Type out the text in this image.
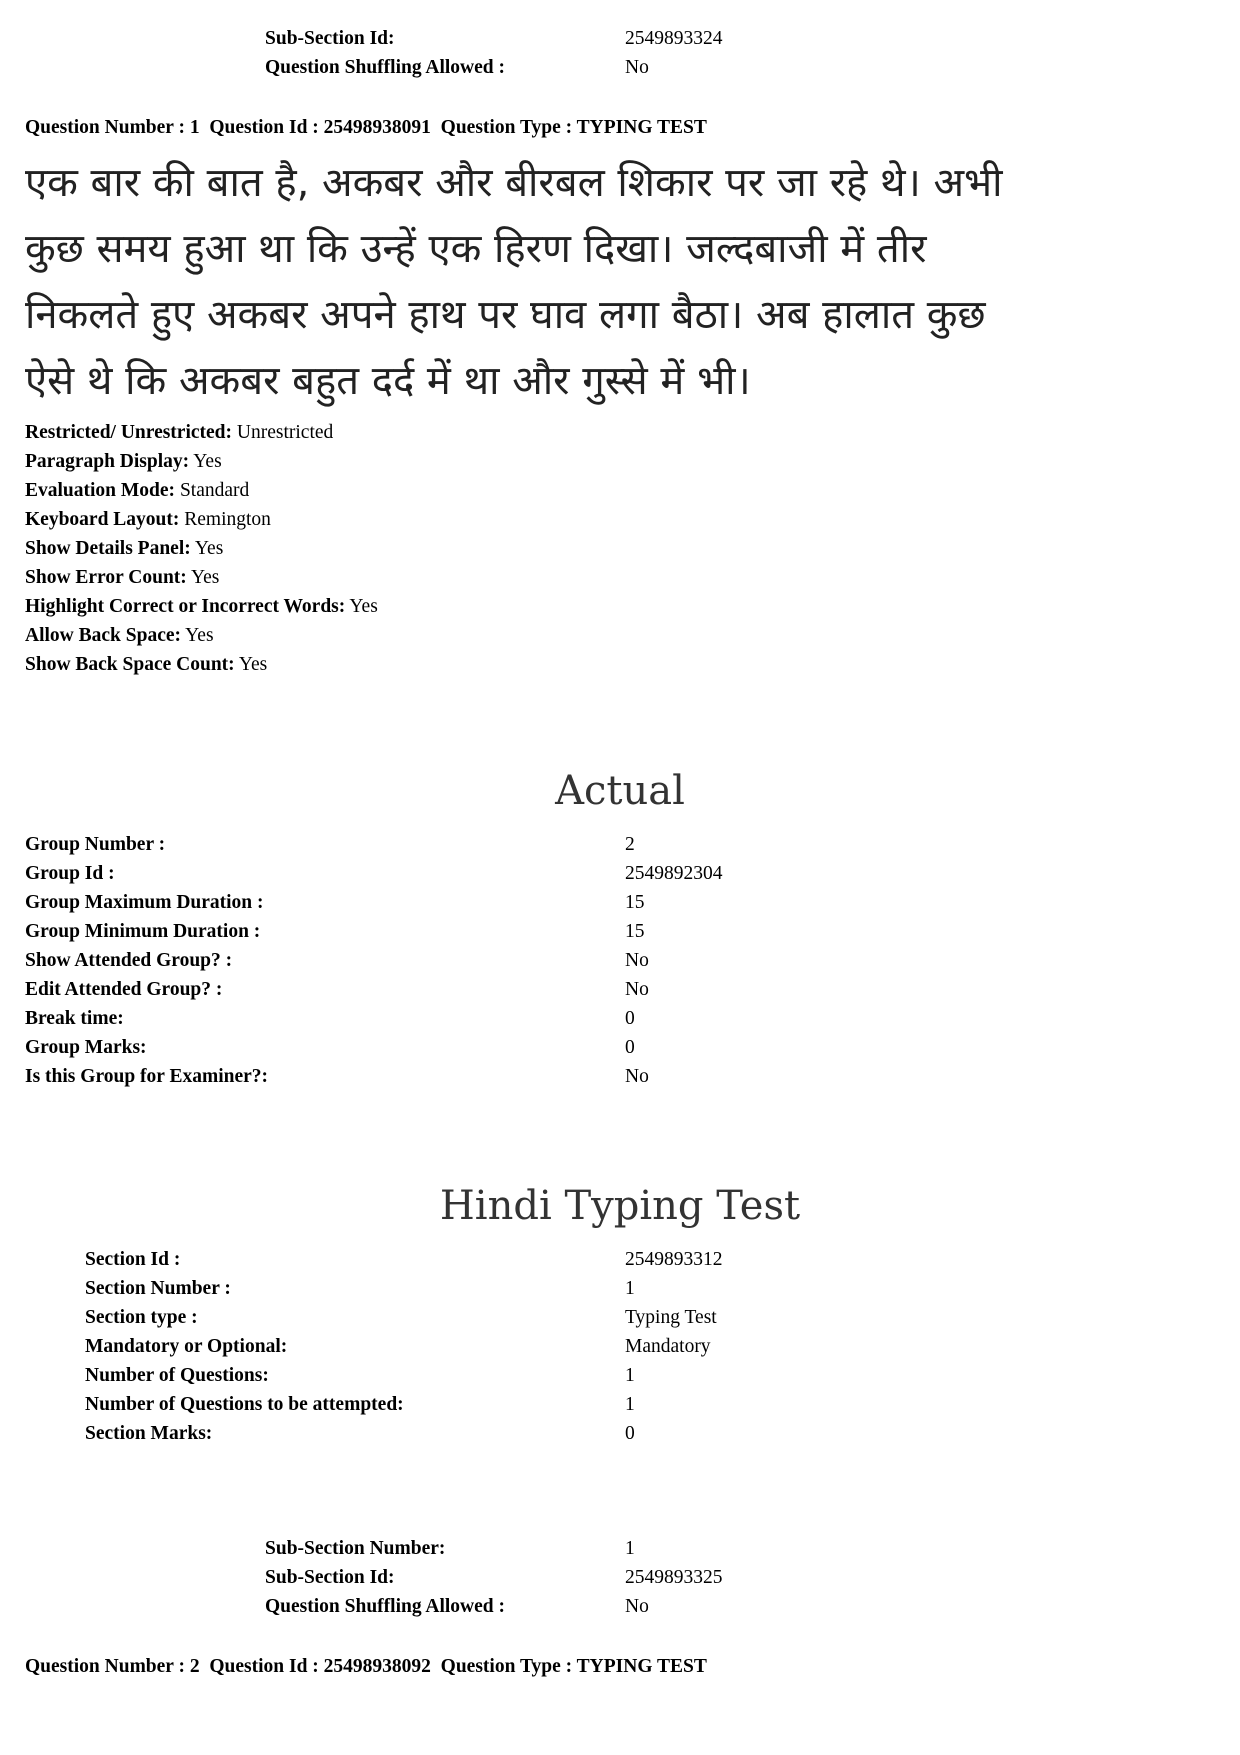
Sub-Section Id:	2549893324
Question Shuffling Allowed :	No
Question Number : 1  Question Id : 25498938091  Question Type : TYPING TEST
एक बार की बात है, अकबर और बीरबल शिकार पर जा रहे थे। अभी
कुछ समय हुआ था कि उन्हें एक हिरण दिखा। जल्दबाजी में तीर
निकलते हुए अकबर अपने हाथ पर घाव लगा बैठा। अब हालात कुछ
ऐसे थे कि अकबर बहुत दर्द में था और गुस्से में भी।
Restricted/ Unrestricted: Unrestricted
Paragraph Display: Yes
Evaluation Mode: Standard
Keyboard Layout: Remington
Show Details Panel: Yes
Show Error Count: Yes
Highlight Correct or Incorrect Words: Yes
Allow Back Space: Yes
Show Back Space Count: Yes
Actual
Group Number :	2
Group Id :	2549892304
Group Maximum Duration :	15
Group Minimum Duration :	15
Show Attended Group? :	No
Edit Attended Group? :	No
Break time:	0
Group Marks:	0
Is this Group for Examiner?:	No
Hindi Typing Test
Section Id :	2549893312
Section Number :	1
Section type :	Typing Test
Mandatory or Optional:	Mandatory
Number of Questions:	1
Number of Questions to be attempted:	1
Section Marks:	0
Sub-Section Number:	1
Sub-Section Id:	2549893325
Question Shuffling Allowed :	No
Question Number : 2  Question Id : 25498938092  Question Type : TYPING TEST
